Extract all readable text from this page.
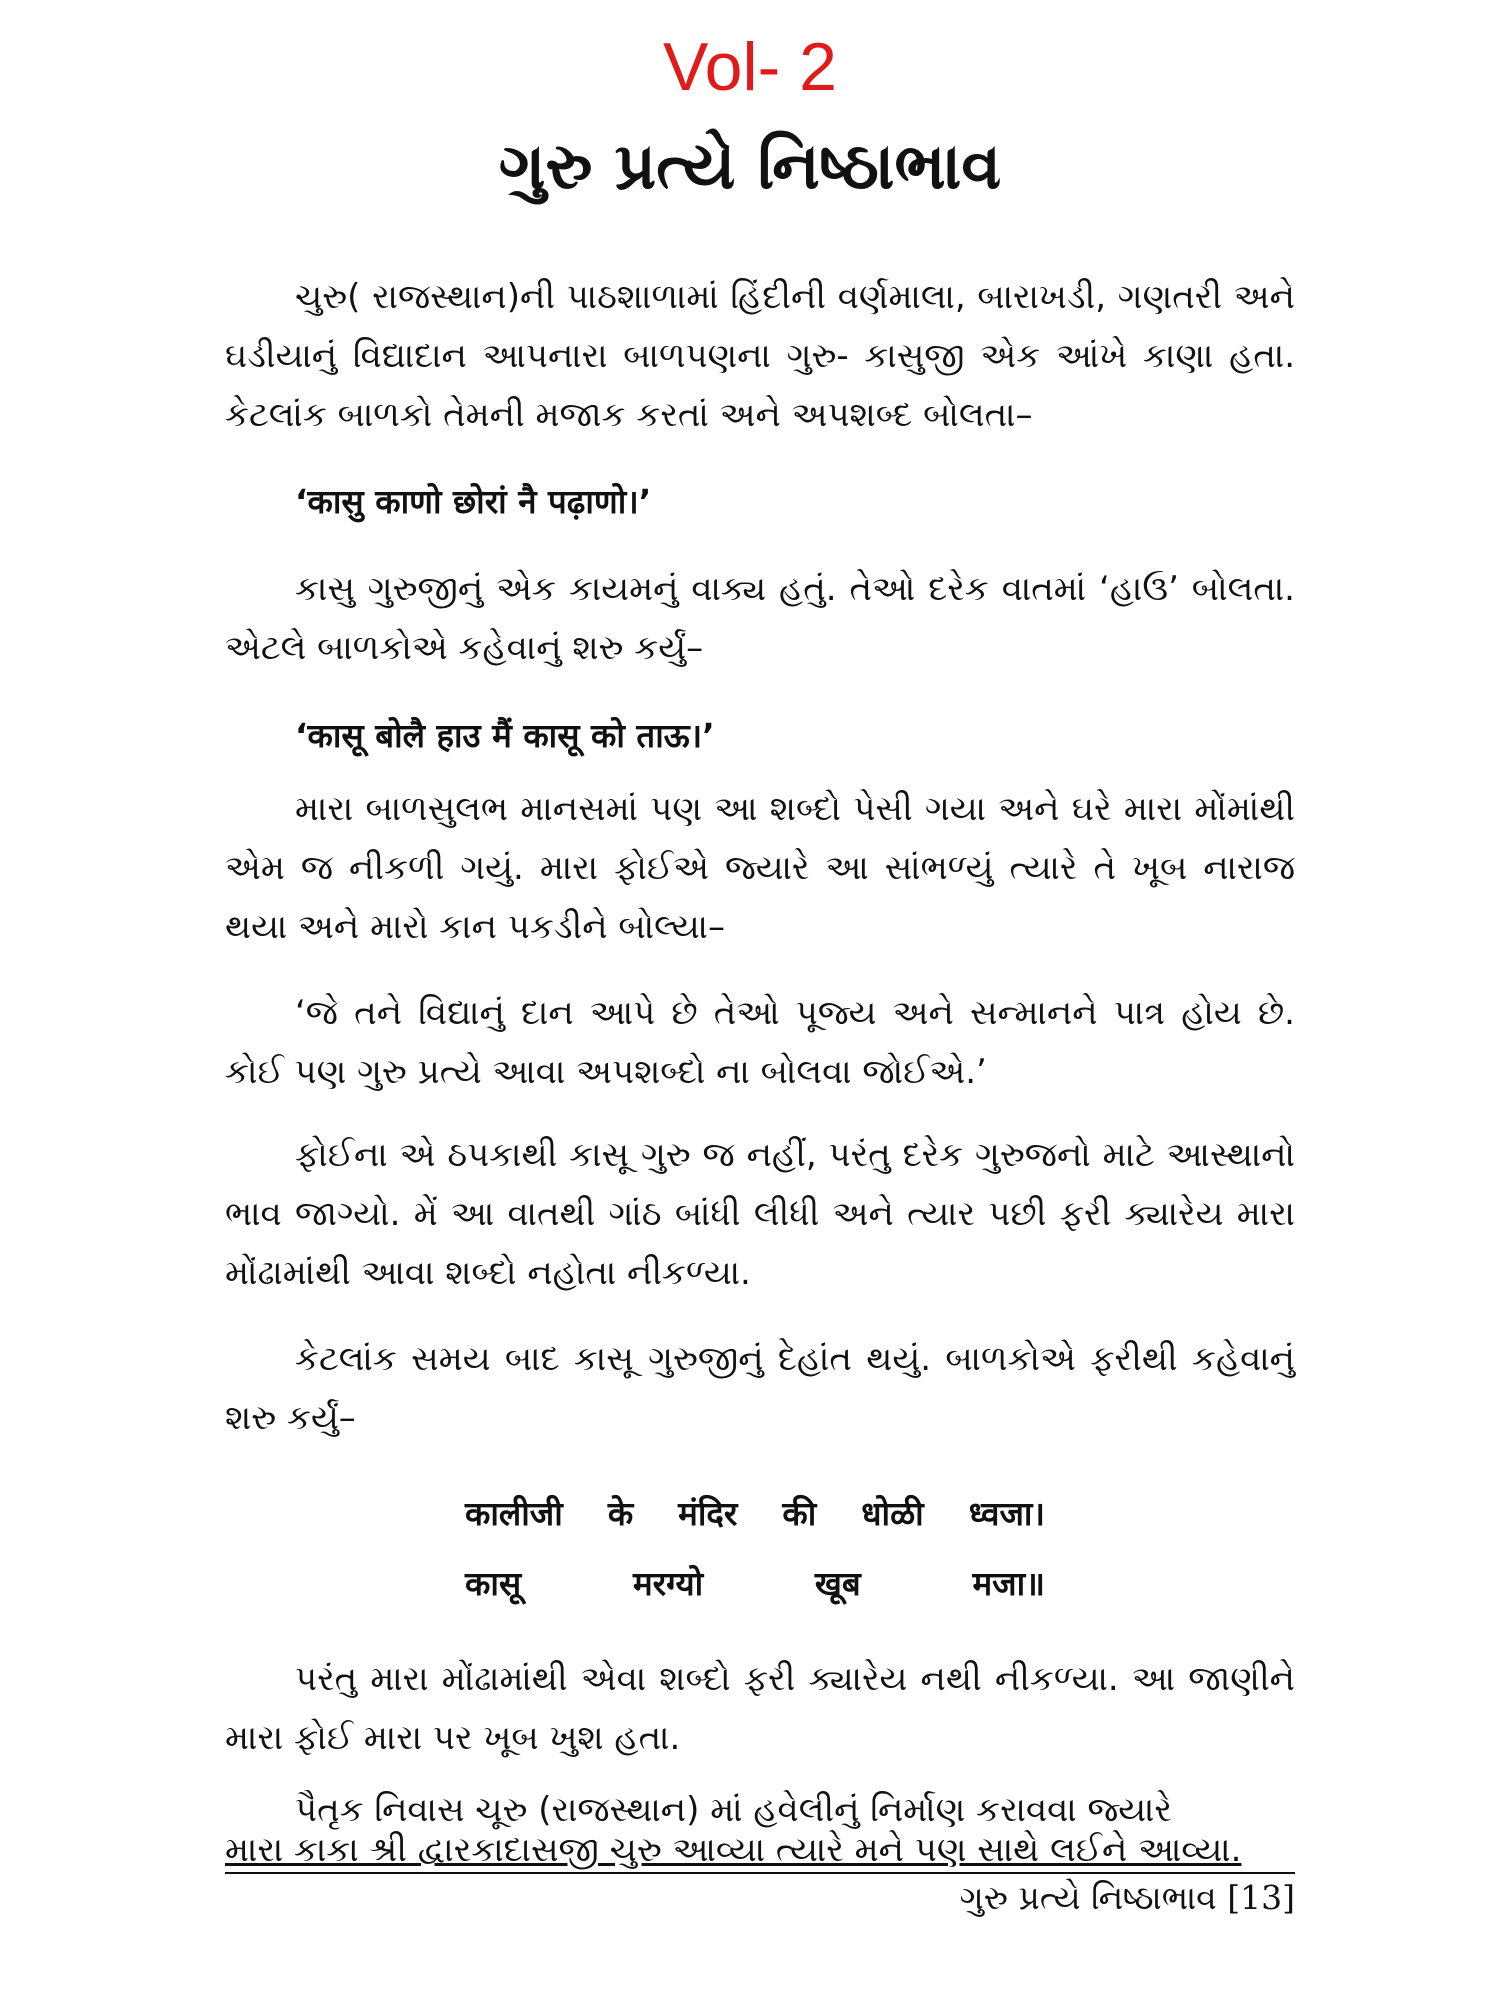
Vol- 2
ગુરુ પ્રત્યે નિષ્ઠાભાવ
ચુરુ( રાજસ્થાન)ની પાઠશાળામાં હિંદીની વર્ણમાલા, બારાખડી, ગણતરી અને ઘડીયાનું વિદ્યાદાન આપનારા બાળપણના ગુરુ- કાસુજી એક આંખે કાણા હતા. કેટલાંક બાળકો તેમની મજાક કરતાં અને અપશબ્દ બોલતા–
‘कासु काणो छोरां नै पढ़ाणो।’
કાસુ ગુરુજીનું એક કાયમનું વાક્ય હતું. તેઓ દરેક વાતમાં ‘હાઉ’ બોલતા. એટલે બાળકોએ કહેવાનું શરુ કર્યું–
‘कासू बोलै हाउ मैं कासू को ताऊ।’
મારા બાળસુલભ માનસમાં પણ આ શબ્દો પેસી ગયા અને ઘરે મારા મોંમાંથી એમ જ નીકળી ગયું. મારા ફોઈએ જ્યારે આ સાંભળ્યું ત્યારે તે ખૂબ નારાજ થયા અને મારો કાન પકડીને બોલ્યા–
‘જે તને વિદ્યાનું દાન આપે છે તેઓ પૂજ્ય અને સન્માનને પાત્ર હોય છે. કોઈ પણ ગુરુ પ્રત્યે આવા અપશબ્દો ના બોલવા જોઈએ.’
ફોઈના એ ઠપકાથી કાસૂ ગુરુ જ નહીં, પરંતુ દરેક ગુરુજનો માટે આસ્થાનો ભાવ જાગ્યો. મેં આ વાતથી ગાંઠ બાંધી લીધી અને ત્યાર પછી ફરી ક્યારેય મારા મોંઢામાંથી આવા શબ્દો નહોતા નીકળ્યા.
કેટલાંક સમય બાદ કાસૂ ગુરુજીનું દેહાંત થયું. બાળકોએ ફરીથી કહેવાનું શરુ કર્યું–
कालीजी के मंदिर की धोळी ध्वजा।
कासू	मरग्यो	खूब	मजा॥
પરંતુ મારા મોંઢામાંથી એવા શબ્દો ફરી ક્યારેય નથી નીકળ્યા. આ જાણીને મારા ફોઈ મારા પર ખૂબ ખુશ હતા.
પૈતૃક નિવાસ ચૂરુ (રાજસ્થાન) માં હવેલીનું નિર્માણ કરાવવા જ્યારે
મારા કાકા શ્રી દ્વારકાદાસજી ચુરુ આવ્યા ત્યારે મને પણ સાથે લઈને આવ્યા.
ગુરુ પ્રત્યે નિષ્ઠાભાવ [13]
